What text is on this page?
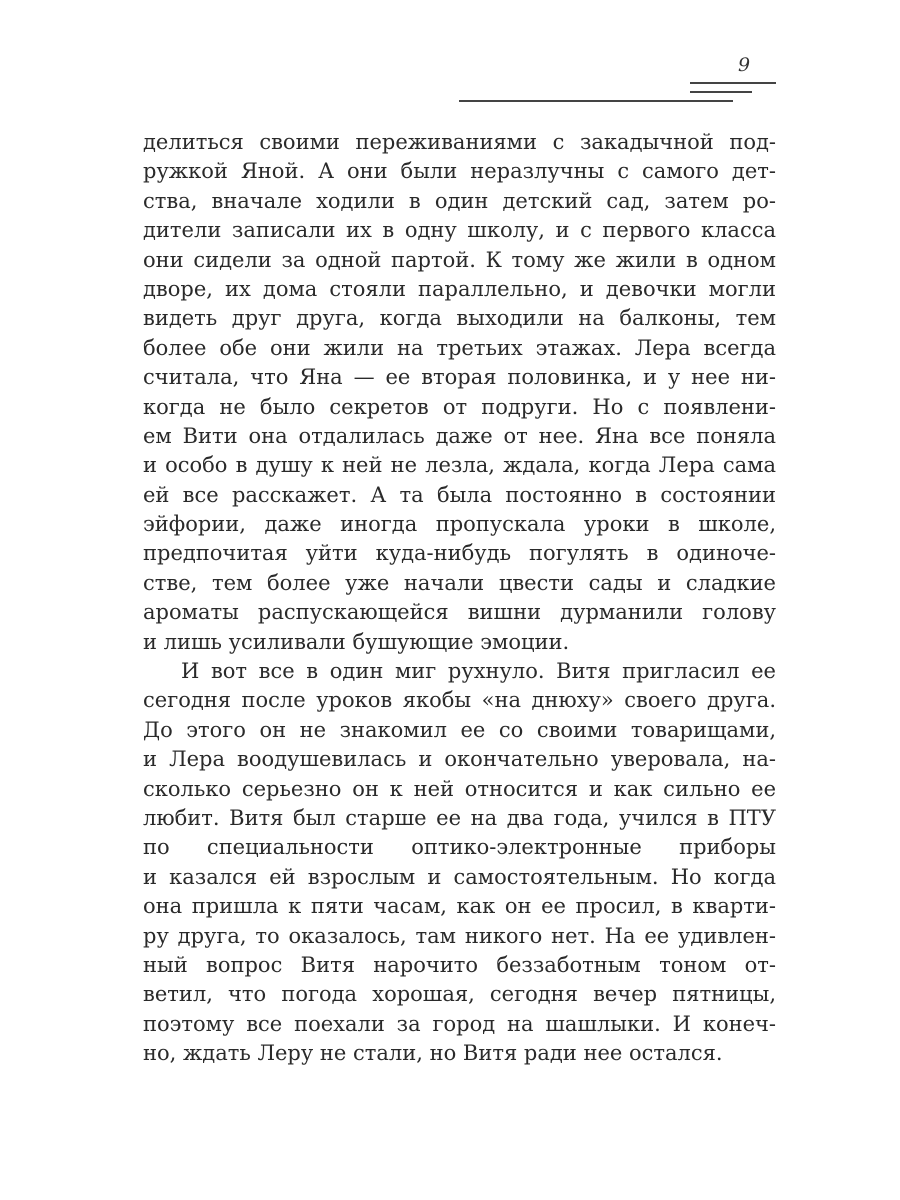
9
делиться своими переживаниями с закадычной под-
ружкой Яной. А они были неразлучны с самого дет-
ства, вначале ходили в один детский сад, затем ро-
дители записали их в одну школу, и с первого класса
они сидели за одной партой. К тому же жили в одном
дворе, их дома стояли параллельно, и девочки могли
видеть друг друга, когда выходили на балконы, тем
более обе они жили на третьих этажах. Лера всегда
считала, что Яна — ее вторая половинка, и у нее ни-
когда не было секретов от подруги. Но с появлени-
ем Вити она отдалилась даже от нее. Яна все поняла
и особо в душу к ней не лезла, ждала, когда Лера сама
ей все расскажет. А та была постоянно в состоянии
эйфории, даже иногда пропускала уроки в школе,
предпочитая уйти куда-нибудь погулять в одиноче-
стве, тем более уже начали цвести сады и сладкие
ароматы распускающейся вишни дурманили голову
и лишь усиливали бушующие эмоции.
И вот все в один миг рухнуло. Витя пригласил ее
сегодня после уроков якобы «на днюху» своего друга.
До этого он не знакомил ее со своими товарищами,
и Лера воодушевилась и окончательно уверовала, на-
сколько серьезно он к ней относится и как сильно ее
любит. Витя был старше ее на два года, учился в ПТУ
по специальности оптико-электронные приборы
и казался ей взрослым и самостоятельным. Но когда
она пришла к пяти часам, как он ее просил, в кварти-
ру друга, то оказалось, там никого нет. На ее удивлен-
ный вопрос Витя нарочито беззаботным тоном от-
ветил, что погода хорошая, сегодня вечер пятницы,
поэтому все поехали за город на шашлыки. И конеч-
но, ждать Леру не стали, но Витя ради нее остался.
